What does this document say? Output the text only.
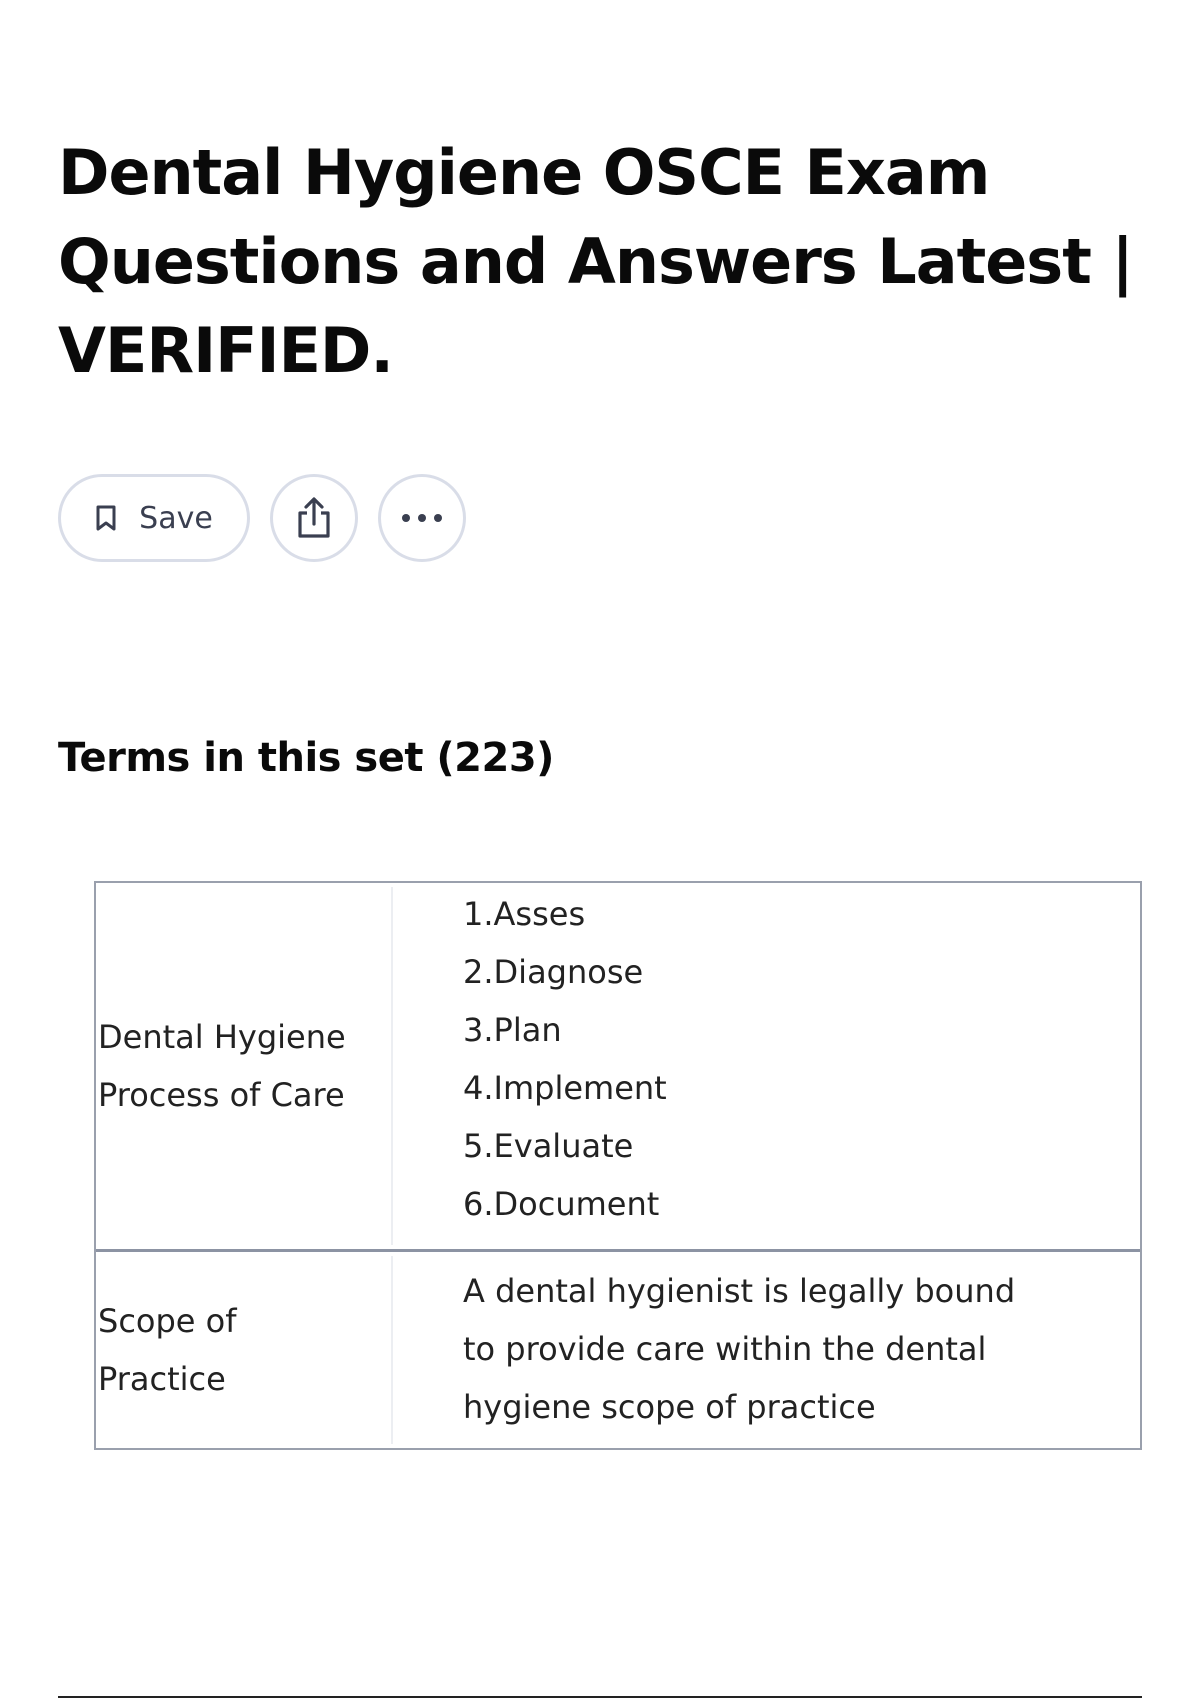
Dental Hygiene OSCE Exam Questions and Answers Latest | VERIFIED.
Save
Terms in this set (223)
Dental Hygiene
Process of Care
1.Asses
2.Diagnose
3.Plan
4.Implement
5.Evaluate
6.Document
Scope of
Practice
A dental hygienist is legally bound
to provide care within the dental
hygiene scope of practice
